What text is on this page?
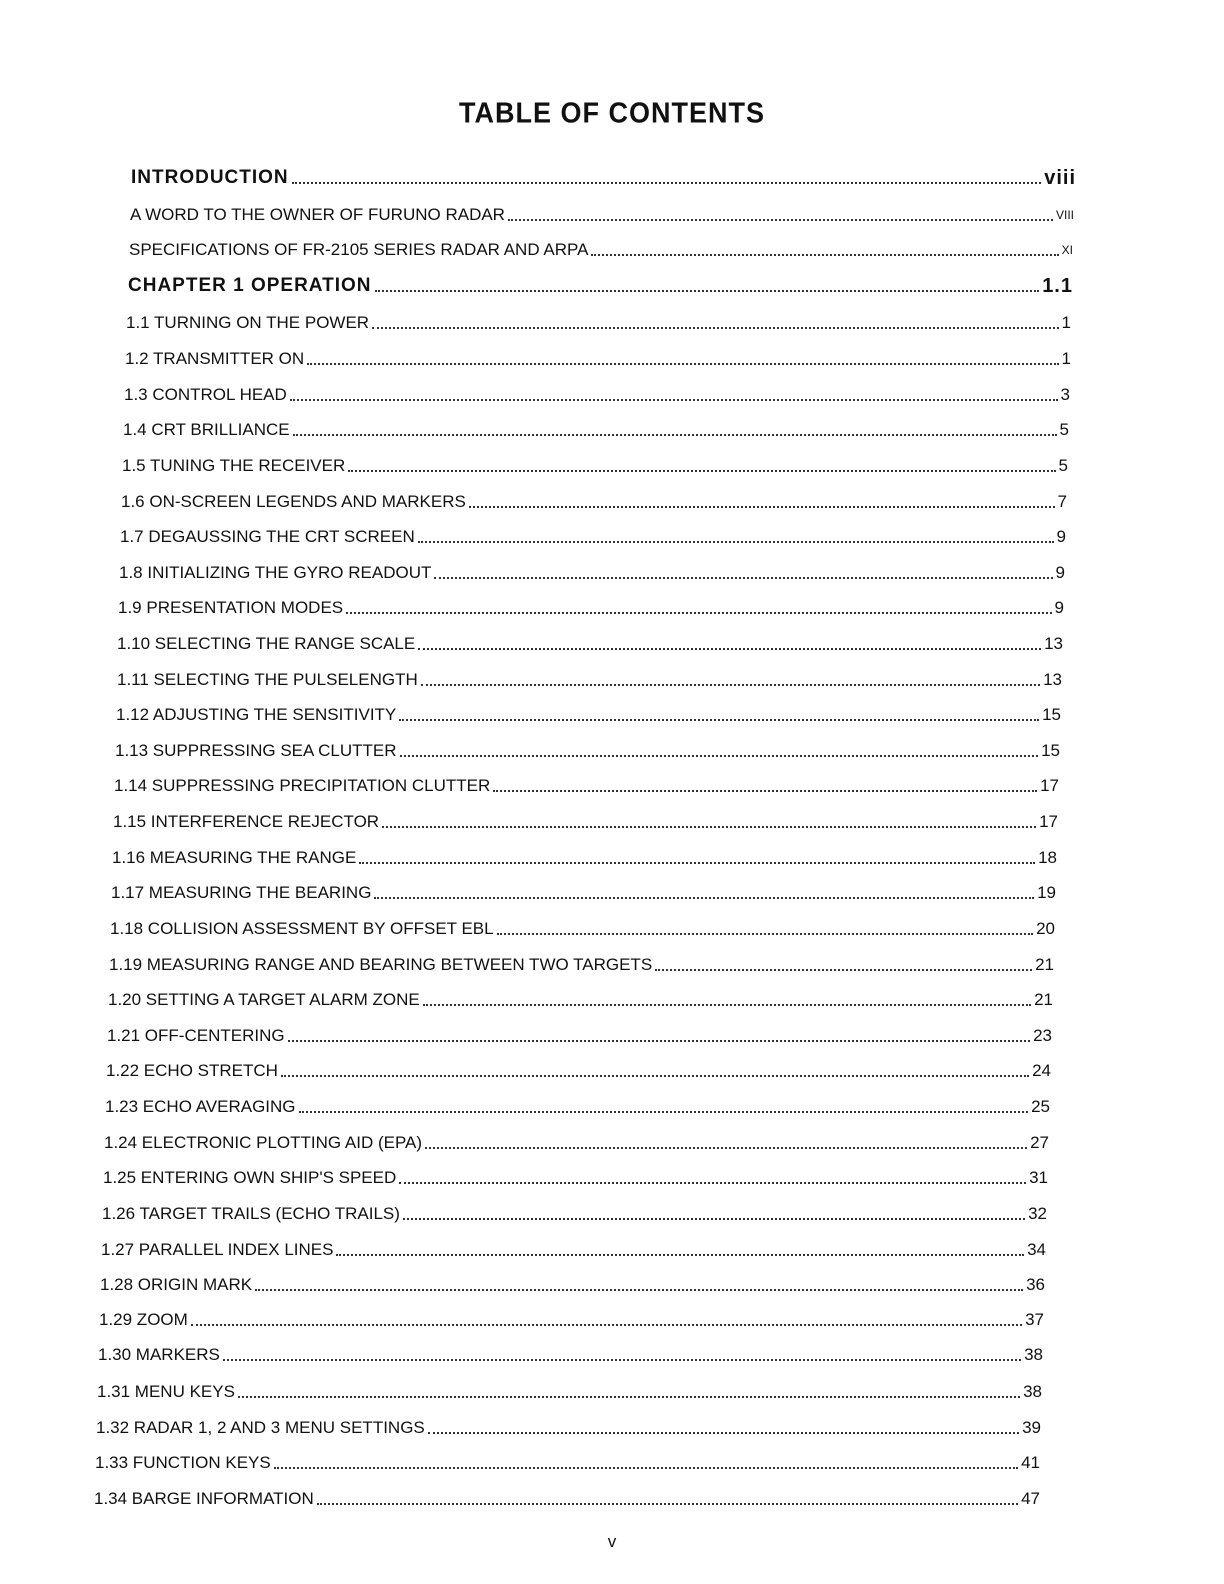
TABLE OF CONTENTS
INTRODUCTION	viii
A WORD TO THE OWNER OF FURUNO RADAR	VIII
SPECIFICATIONS OF FR-2105 SERIES RADAR AND ARPA	XI
CHAPTER 1 OPERATION	1.1
1.1 TURNING ON THE POWER	1
1.2 TRANSMITTER ON	1
1.3 CONTROL HEAD	3
1.4 CRT BRILLIANCE	5
1.5 TUNING THE RECEIVER	5
1.6 ON-SCREEN LEGENDS AND MARKERS	7
1.7 DEGAUSSING THE CRT SCREEN	9
1.8 INITIALIZING THE GYRO READOUT	9
1.9 PRESENTATION MODES	9
1.10 SELECTING THE RANGE SCALE	13
1.11 SELECTING THE PULSELENGTH	13
1.12 ADJUSTING THE SENSITIVITY	15
1.13 SUPPRESSING SEA CLUTTER	15
1.14 SUPPRESSING PRECIPITATION CLUTTER	17
1.15 INTERFERENCE REJECTOR	17
1.16 MEASURING THE RANGE	18
1.17 MEASURING THE BEARING	19
1.18 COLLISION ASSESSMENT BY OFFSET EBL	20
1.19 MEASURING RANGE AND BEARING BETWEEN TWO TARGETS	21
1.20 SETTING A TARGET ALARM ZONE	21
1.21 OFF-CENTERING	23
1.22 ECHO STRETCH	24
1.23 ECHO AVERAGING	25
1.24 ELECTRONIC PLOTTING AID (EPA)	27
1.25 ENTERING OWN SHIP'S SPEED	31
1.26 TARGET TRAILS (ECHO TRAILS)	32
1.27 PARALLEL INDEX LINES	34
1.28 ORIGIN MARK	36
1.29 ZOOM	37
1.30 MARKERS	38
1.31 MENU KEYS	38
1.32 RADAR 1, 2 AND 3 MENU SETTINGS	39
1.33 FUNCTION KEYS	41
1.34 BARGE INFORMATION	47
v
